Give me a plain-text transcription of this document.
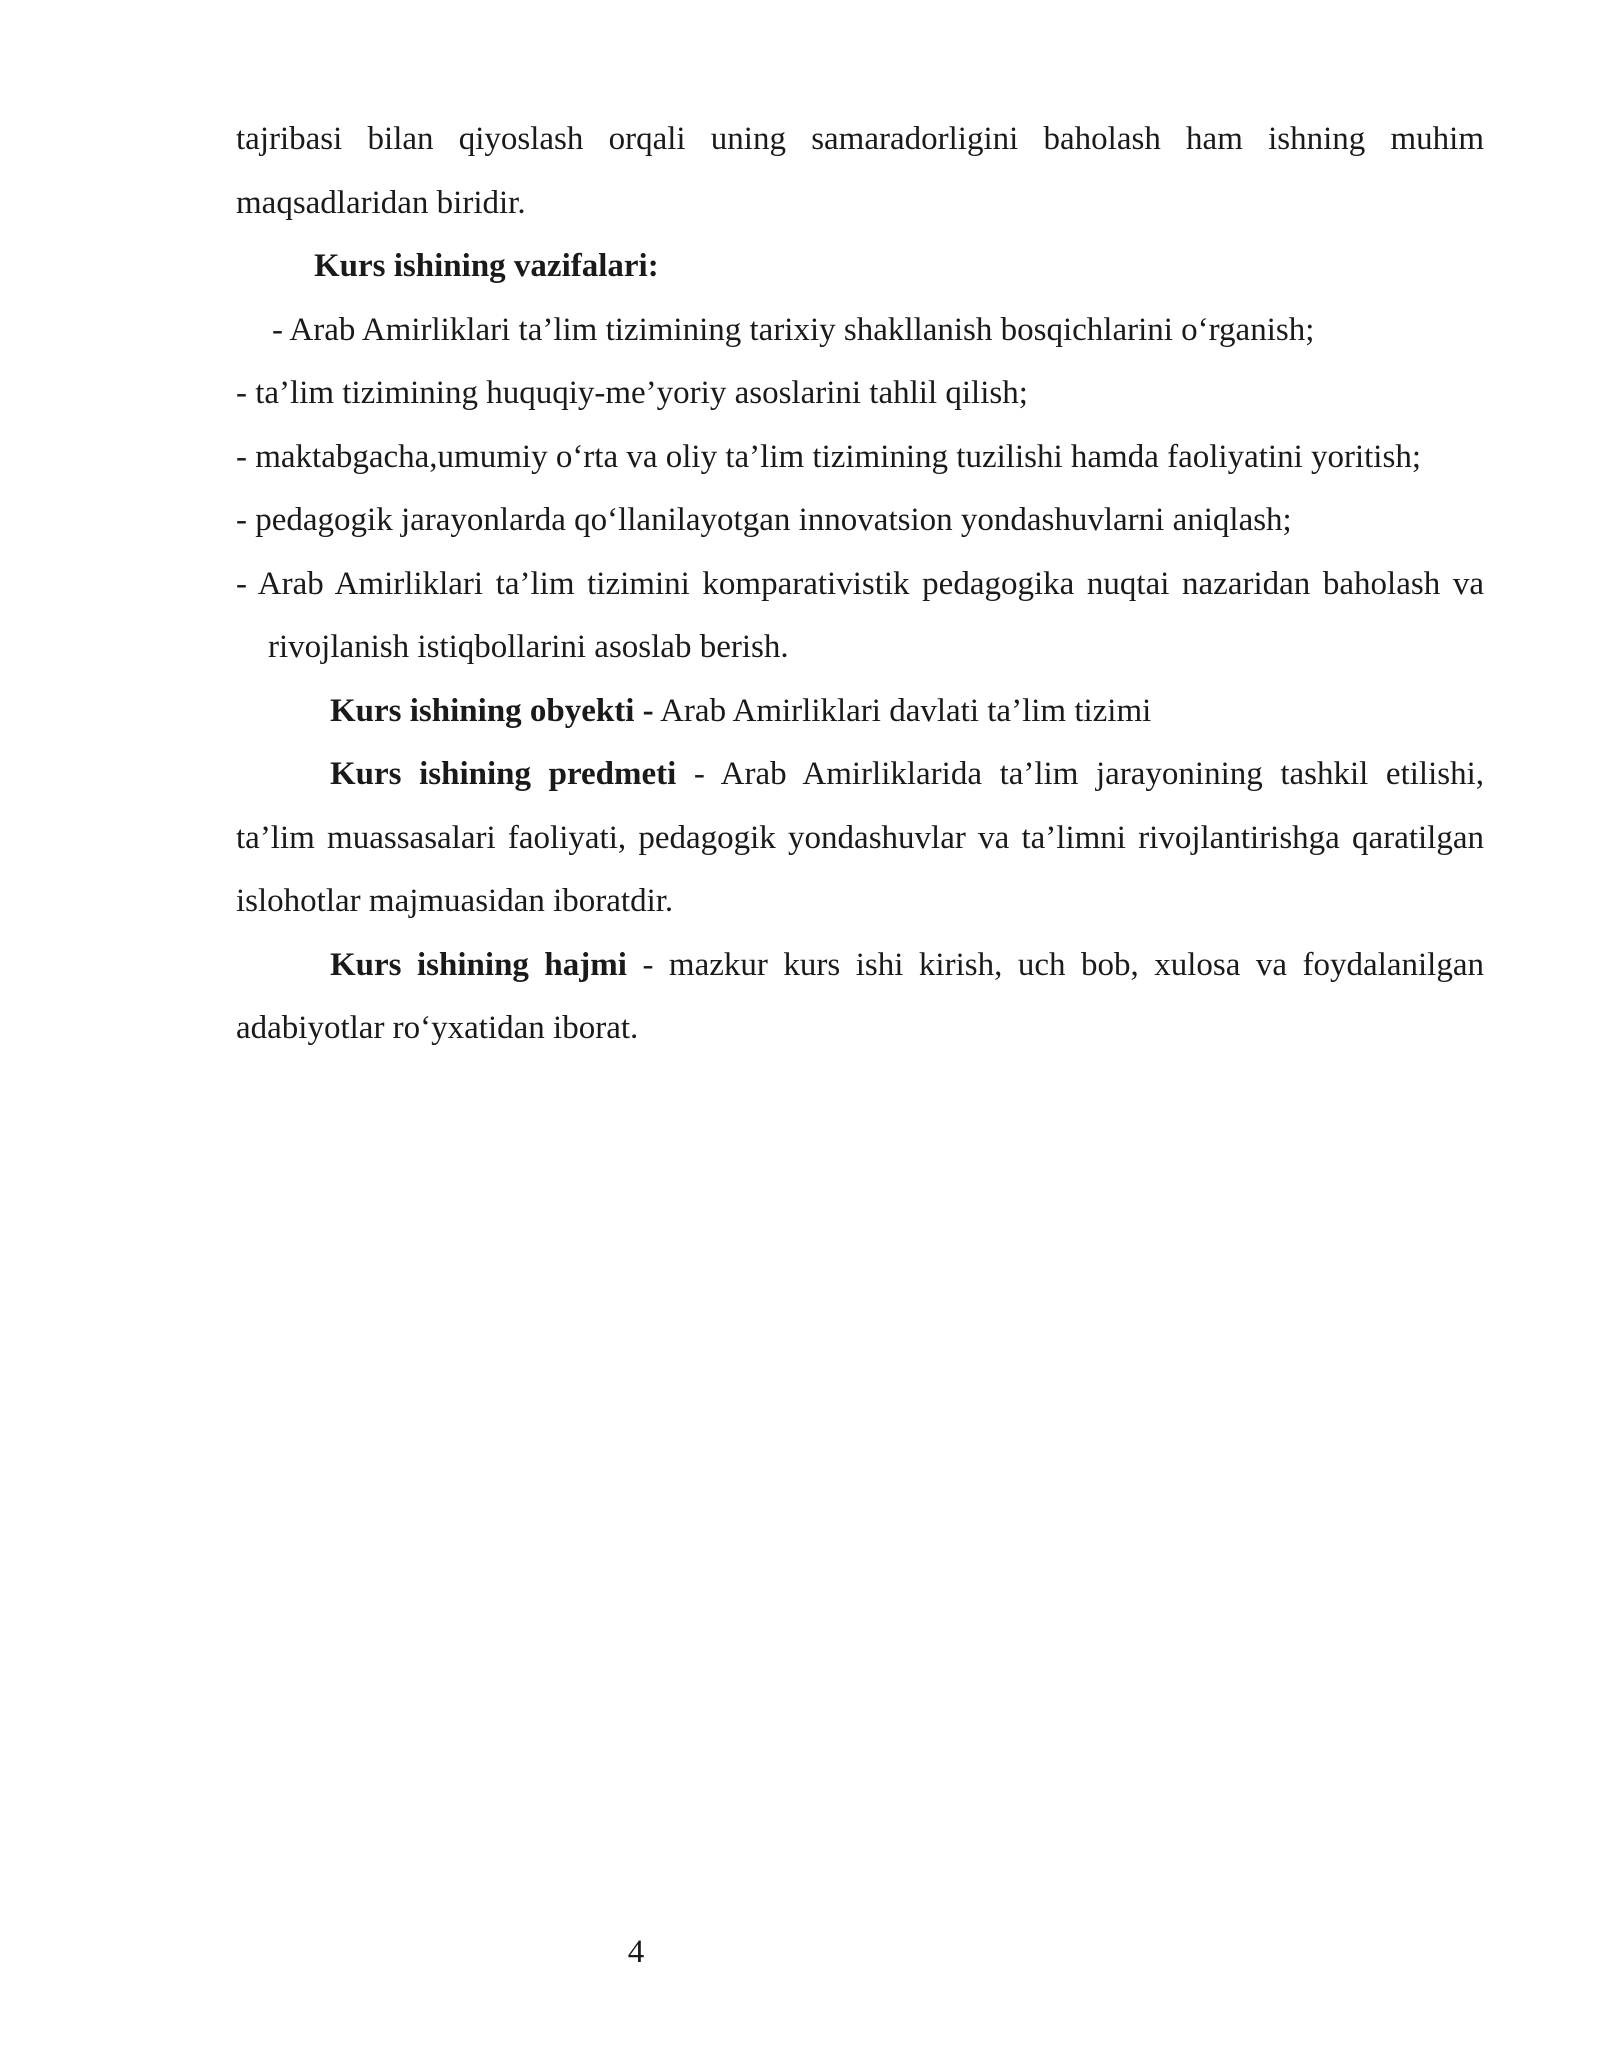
tajribasi bilan qiyoslash orqali uning samaradorligini baholash ham ishning muhim maqsadlaridan biridir.

Kurs ishining vazifalari:

- Arab Amirliklari ta’lim tizimining tarixiy shakllanish bosqichlarini o‘rganish;

- ta’lim tizimining huquqiy-me’yoriy asoslarini tahlil qilish;

- maktabgacha,umumiy o‘rta va oliy ta’lim tizimining tuzilishi hamda faoliyatini yoritish;

- pedagogik jarayonlarda qo‘llanilayotgan innovatsion yondashuvlarni aniqlash;

- Arab Amirliklari ta’lim tizimini komparativistik pedagogika nuqtai nazaridan baholash va rivojlanish istiqbollarini asoslab berish.

Kurs ishining obyekti - Arab Amirliklari davlati ta’lim tizimi

Kurs ishining predmeti - Arab Amirliklarida ta’lim jarayonining tashkil etilishi, ta’lim muassasalari faoliyati, pedagogik yondashuvlar va ta’limni rivojlantirishga qaratilgan islohotlar majmuasidan iboratdir.

Kurs ishining hajmi - mazkur kurs ishi kirish, uch bob, xulosa va foydalanilgan adabiyotlar ro‘yxatidan iborat.

4
